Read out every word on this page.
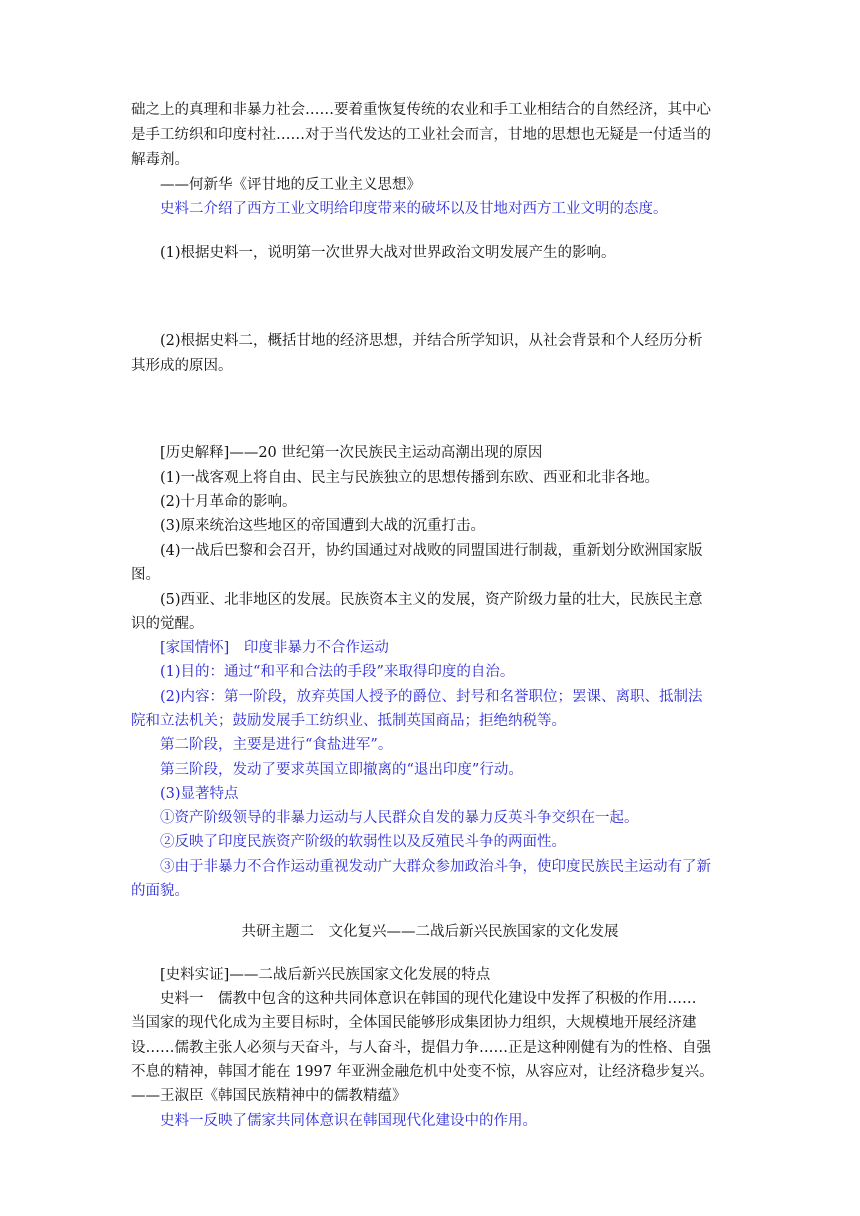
础之上的真理和非暴力社会……要着重恢复传统的农业和手工业相结合的自然经济，其中心
是手工纺织和印度村社……对于当代发达的工业社会而言，甘地的思想也无疑是一付适当的
解毒剂。
——何新华《评甘地的反工业主义思想》
史料二介绍了西方工业文明给印度带来的破坏以及甘地对西方工业文明的态度。
(1)根据史料一，说明第一次世界大战对世界政治文明发展产生的影响。
(2)根据史料二，概括甘地的经济思想，并结合所学知识，从社会背景和个人经历分析
其形成的原因。
[历史解释]——20 世纪第一次民族民主运动高潮出现的原因
(1)一战客观上将自由、民主与民族独立的思想传播到东欧、西亚和北非各地。
(2)十月革命的影响。
(3)原来统治这些地区的帝国遭到大战的沉重打击。
(4)一战后巴黎和会召开，协约国通过对战败的同盟国进行制裁，重新划分欧洲国家版
图。
(5)西亚、北非地区的发展。民族资本主义的发展，资产阶级力量的壮大，民族民主意
识的觉醒。
[家国情怀]　印度非暴力不合作运动
(1)目的：通过“和平和合法的手段”来取得印度的自治。
(2)内容：第一阶段，放弃英国人授予的爵位、封号和名誉职位；罢课、离职、抵制法
院和立法机关；鼓励发展手工纺织业、抵制英国商品；拒绝纳税等。
第二阶段，主要是进行“食盐进军”。
第三阶段，发动了要求英国立即撤离的“退出印度”行动。
(3)显著特点
①资产阶级领导的非暴力运动与人民群众自发的暴力反英斗争交织在一起。
②反映了印度民族资产阶级的软弱性以及反殖民斗争的两面性。
③由于非暴力不合作运动重视发动广大群众参加政治斗争，使印度民族民主运动有了新
的面貌。
共研主题二　文化复兴——二战后新兴民族国家的文化发展
[史料实证]——二战后新兴民族国家文化发展的特点
史料一　儒教中包含的这种共同体意识在韩国的现代化建设中发挥了积极的作用……
当国家的现代化成为主要目标时，全体国民能够形成集团协力组织，大规模地开展经济建
设……儒教主张人必须与天奋斗，与人奋斗，提倡力争……正是这种刚健有为的性格、自强
不息的精神，韩国才能在 1997 年亚洲金融危机中处变不惊，从容应对，让经济稳步复兴。
——王淑臣《韩国民族精神中的儒教精蕴》
史料一反映了儒家共同体意识在韩国现代化建设中的作用。
